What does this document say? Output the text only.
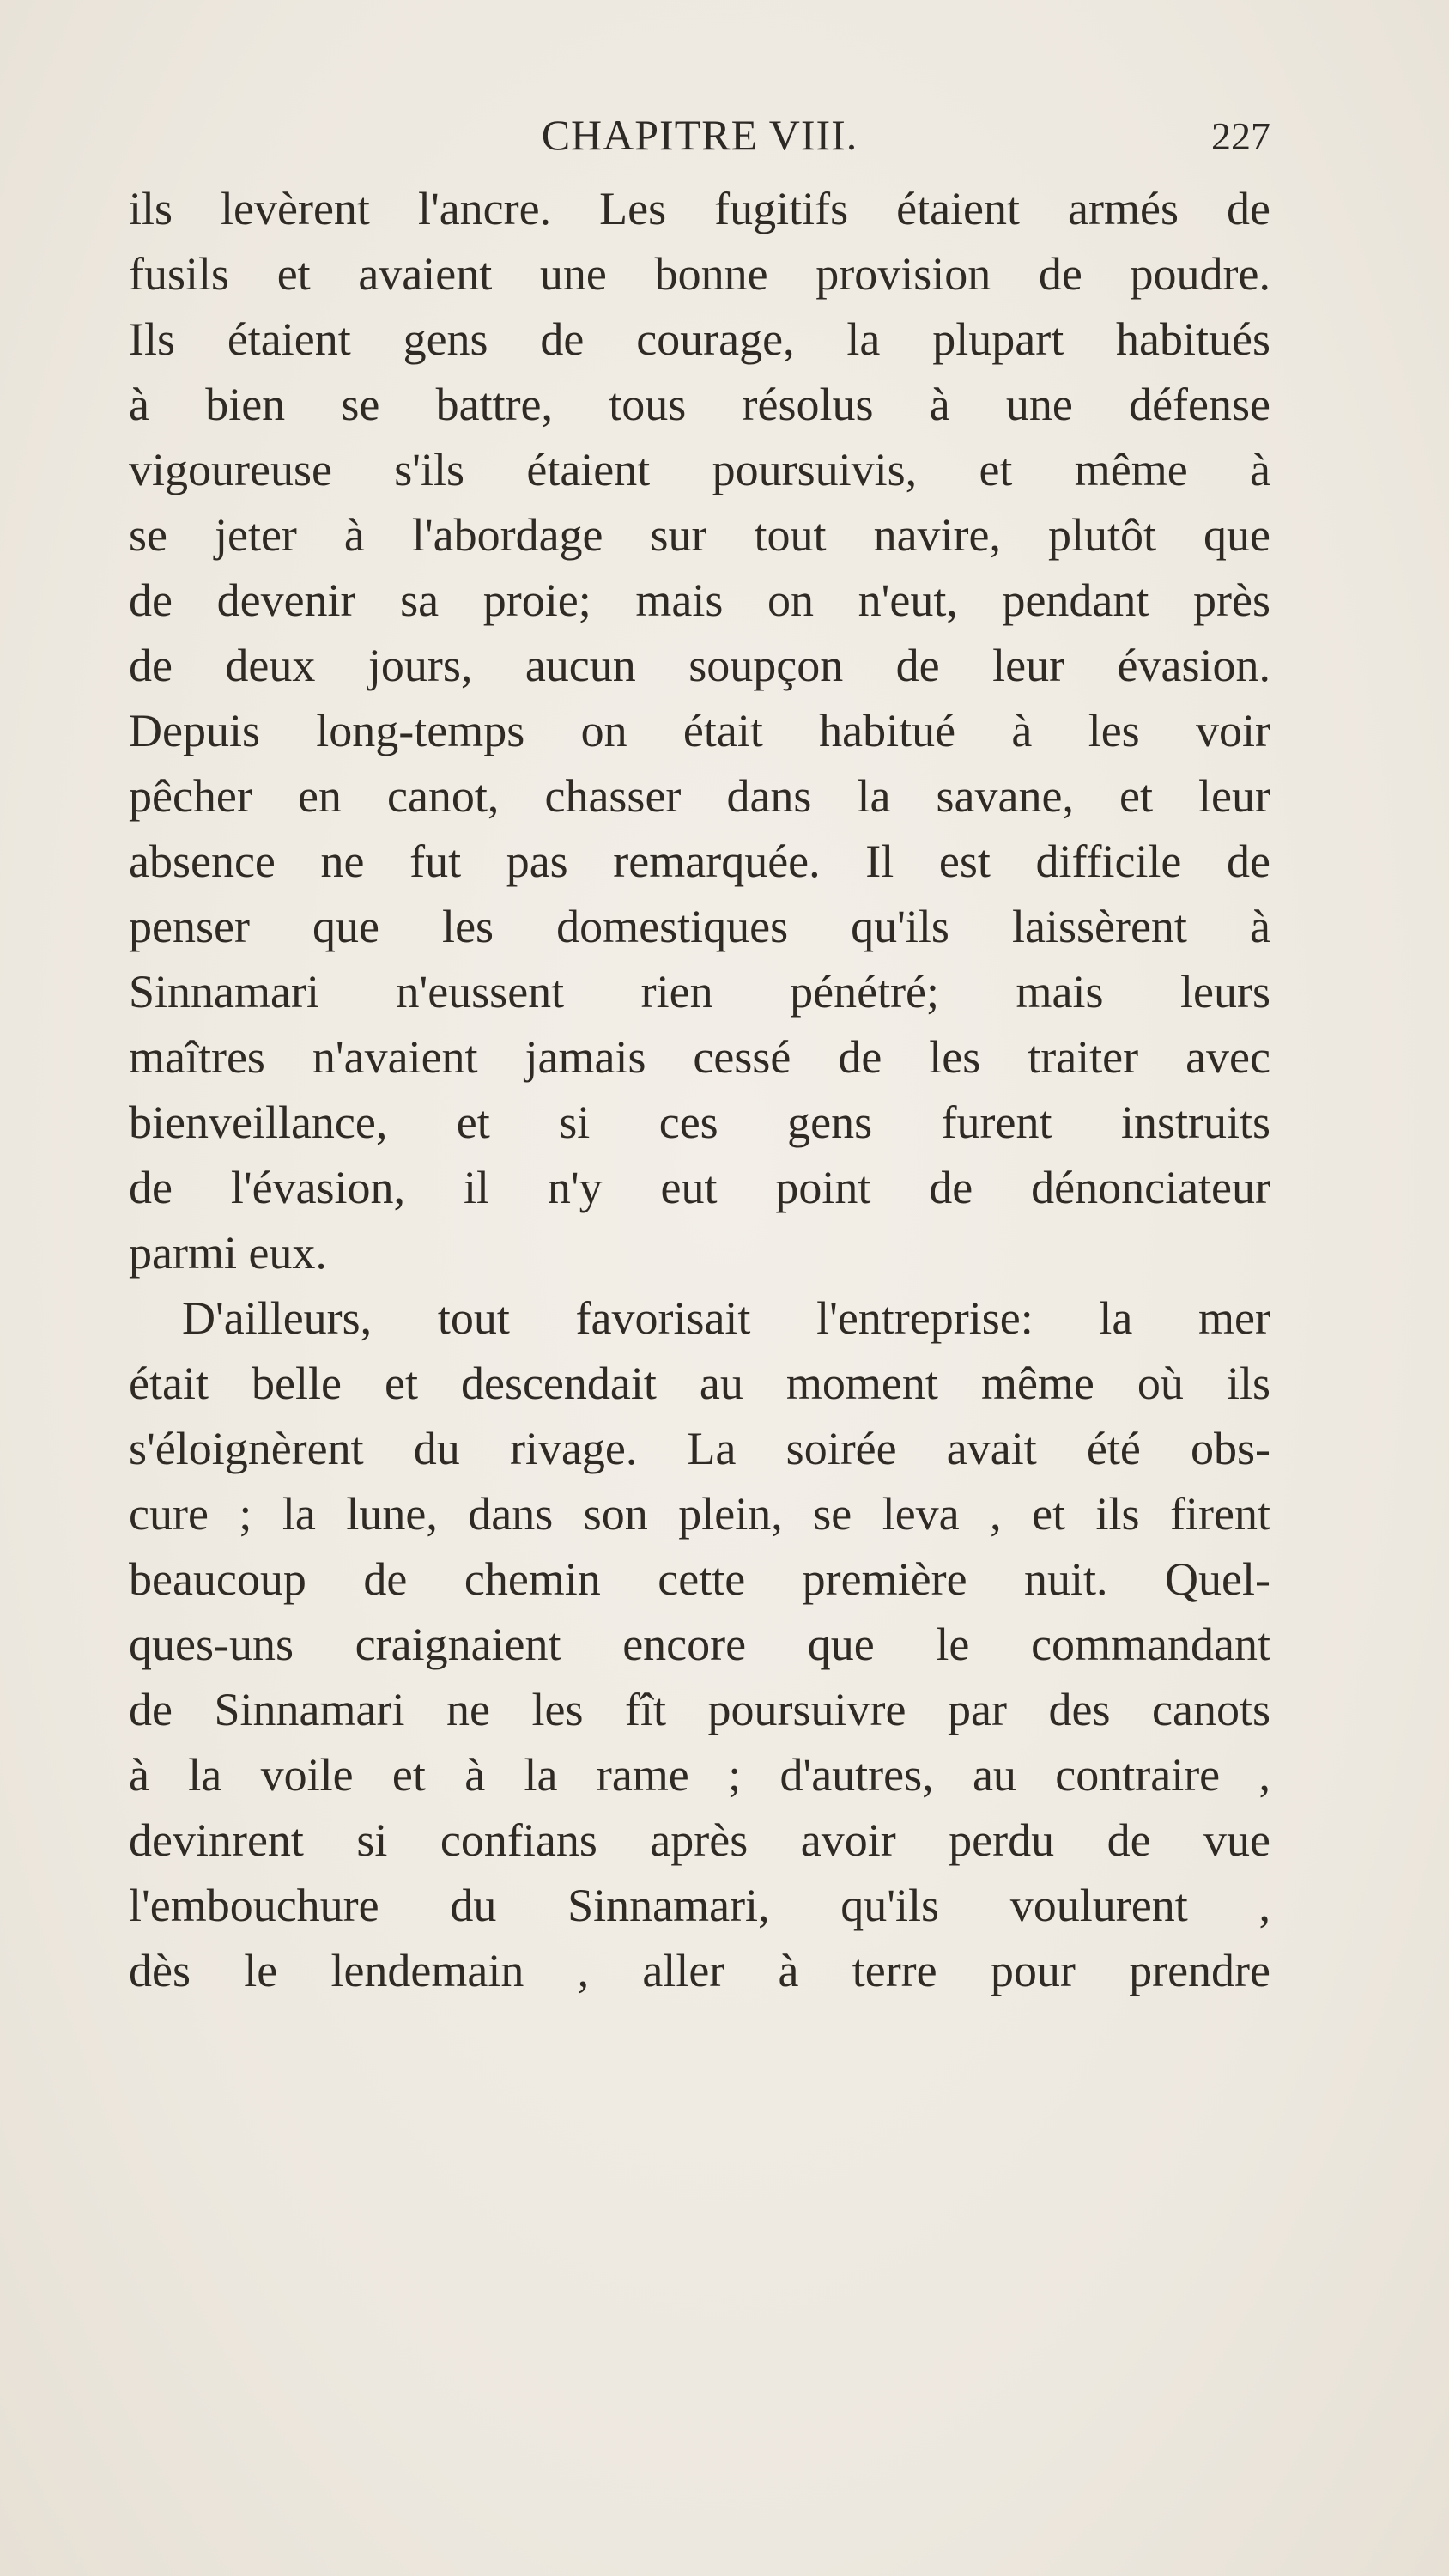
CHAPITRE VIII.	227
ils levèrent l'ancre. Les fugitifs étaient armés de
fusils et avaient une bonne provision de poudre.
Ils étaient gens de courage, la plupart habitués
à bien se battre, tous résolus à une défense
vigoureuse s'ils étaient poursuivis, et même à
se jeter à l'abordage sur tout navire, plutôt que
de devenir sa proie; mais on n'eut, pendant près
de deux jours, aucun soupçon de leur évasion.
Depuis long-temps on était habitué à les voir
pêcher en canot, chasser dans la savane, et leur
absence ne fut pas remarquée. Il est difficile de
penser que les domestiques qu'ils laissèrent à
Sinnamari n'eussent rien pénétré; mais leurs
maîtres n'avaient jamais cessé de les traiter avec
bienveillance, et si ces gens furent instruits
de l'évasion, il n'y eut point de dénonciateur
parmi eux.
D'ailleurs, tout favorisait l'entreprise: la mer
était belle et descendait au moment même où ils
s'éloignèrent du rivage. La soirée avait été obs-
cure ; la lune, dans son plein, se leva , et ils firent
beaucoup de chemin cette première nuit. Quel-
ques-uns craignaient encore que le commandant
de Sinnamari ne les fît poursuivre par des canots
à la voile et à la rame ; d'autres, au contraire ,
devinrent si confians après avoir perdu de vue
l'embouchure du Sinnamari, qu'ils voulurent ,
dès le lendemain , aller à terre pour prendre
